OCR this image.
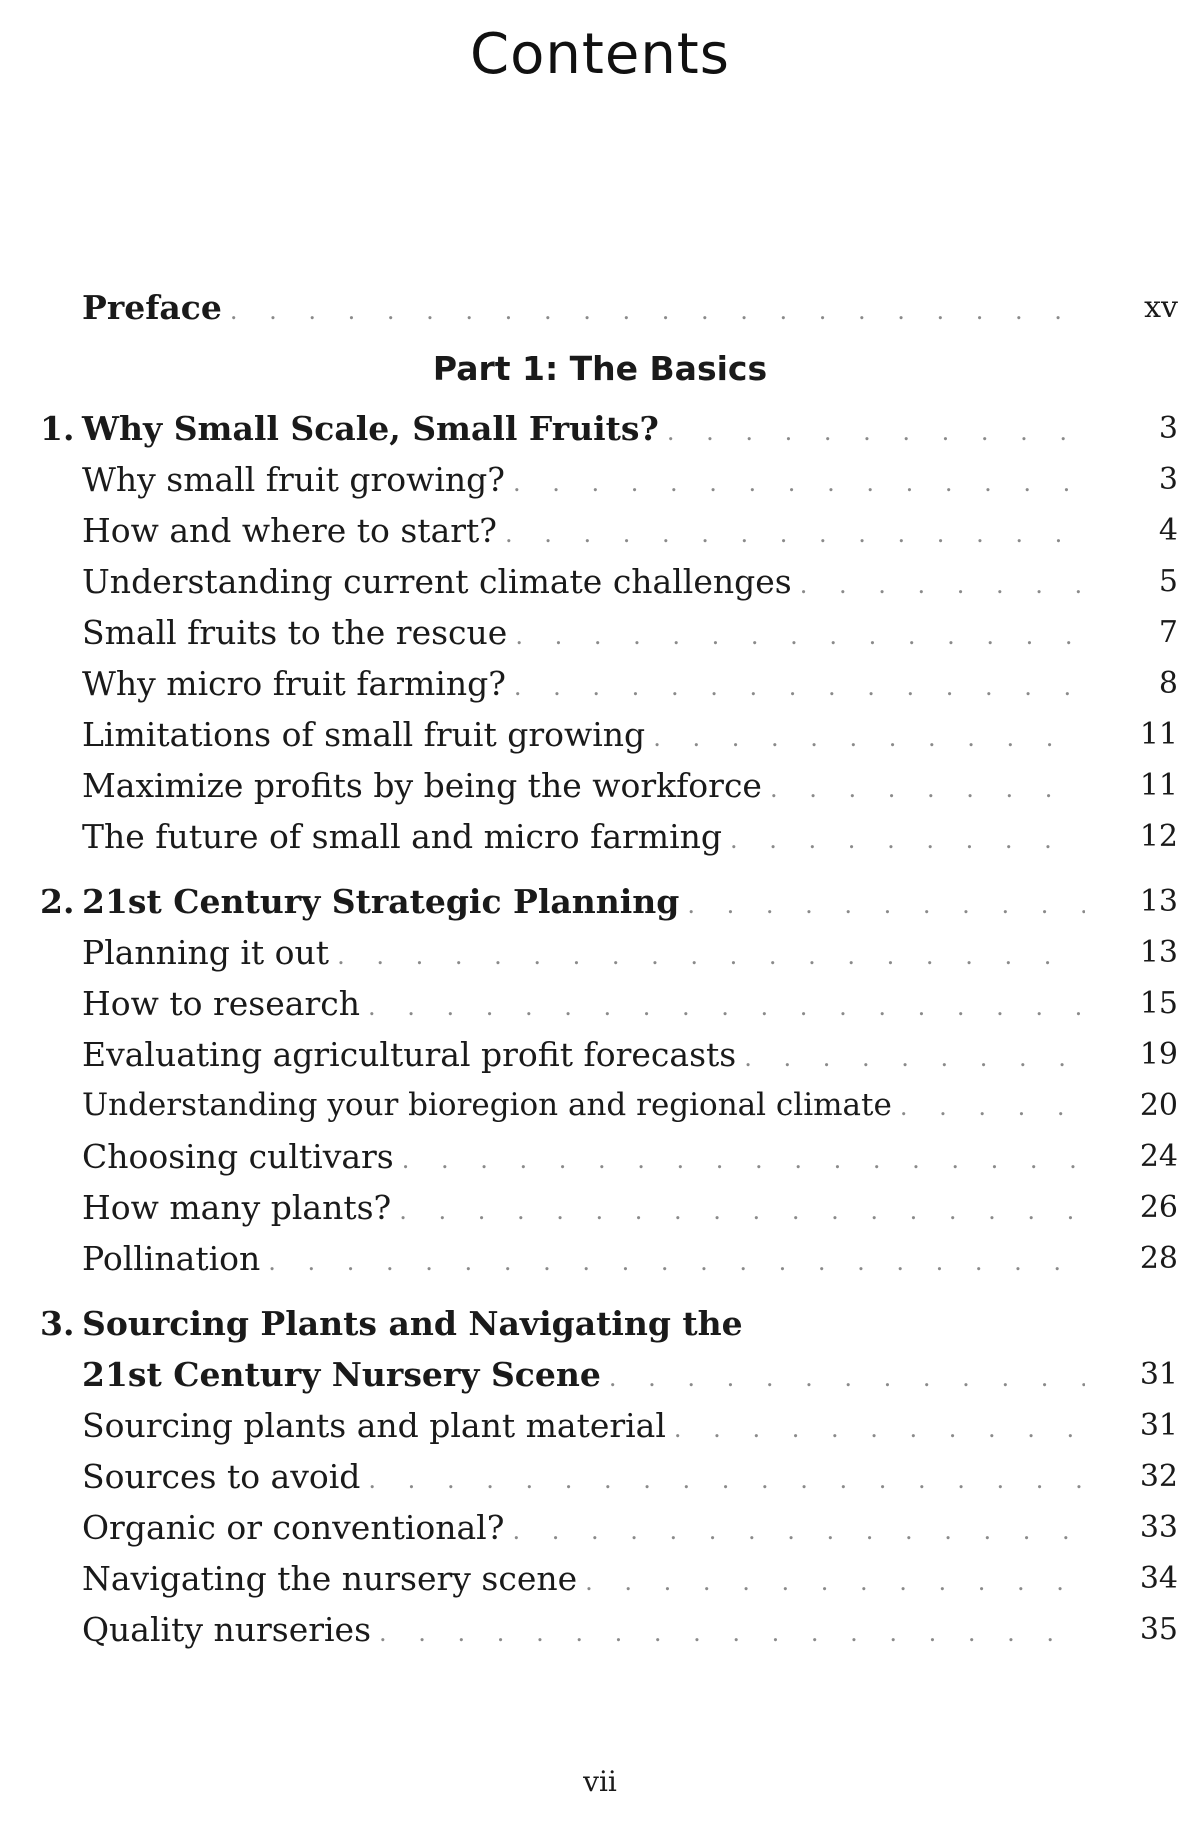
Contents
Preface . . .	xv
Part 1: The Basics
1. Why Small Scale, Small Fruits? . . .	3
Why small fruit growing? . . .	3
How and where to start? . . .	4
Understanding current climate challenges . . .	5
Small fruits to the rescue . . .	7
Why micro fruit farming? . . .	8
Limitations of small fruit growing . . .	11
Maximize profits by being the workforce . . .	11
The future of small and micro farming . . .	12
2. 21st Century Strategic Planning . . .	13
Planning it out . . .	13
How to research . . .	15
Evaluating agricultural profit forecasts . . .	19
Understanding your bioregion and regional climate . . .	20
Choosing cultivars . . .	24
How many plants? . . .	26
Pollination . . .	28
3. Sourcing Plants and Navigating the
21st Century Nursery Scene . . .	31
Sourcing plants and plant material . . .	31
Sources to avoid . . .	32
Organic or conventional? . . .	33
Navigating the nursery scene . . .	34
Quality nurseries . . .	35
vii
